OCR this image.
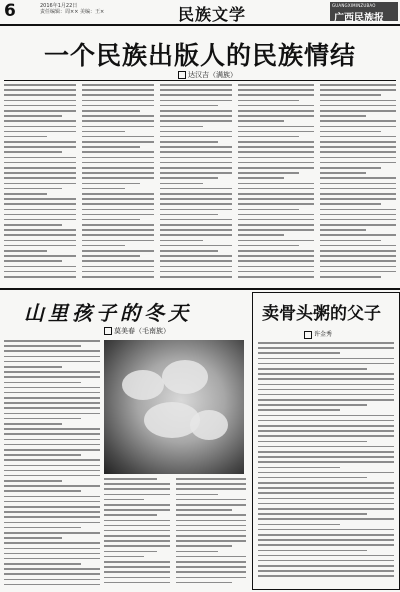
6	2016年1月22日
责任编辑：周×× 美编：王×	民族文学	GUANGXIMINZUBAO
广西民族报
一个民族出版人的民族情结
达汉吉（满族）
山里孩子的冬天
莫美春（毛南族）
卖骨头粥的父子
许金秀
